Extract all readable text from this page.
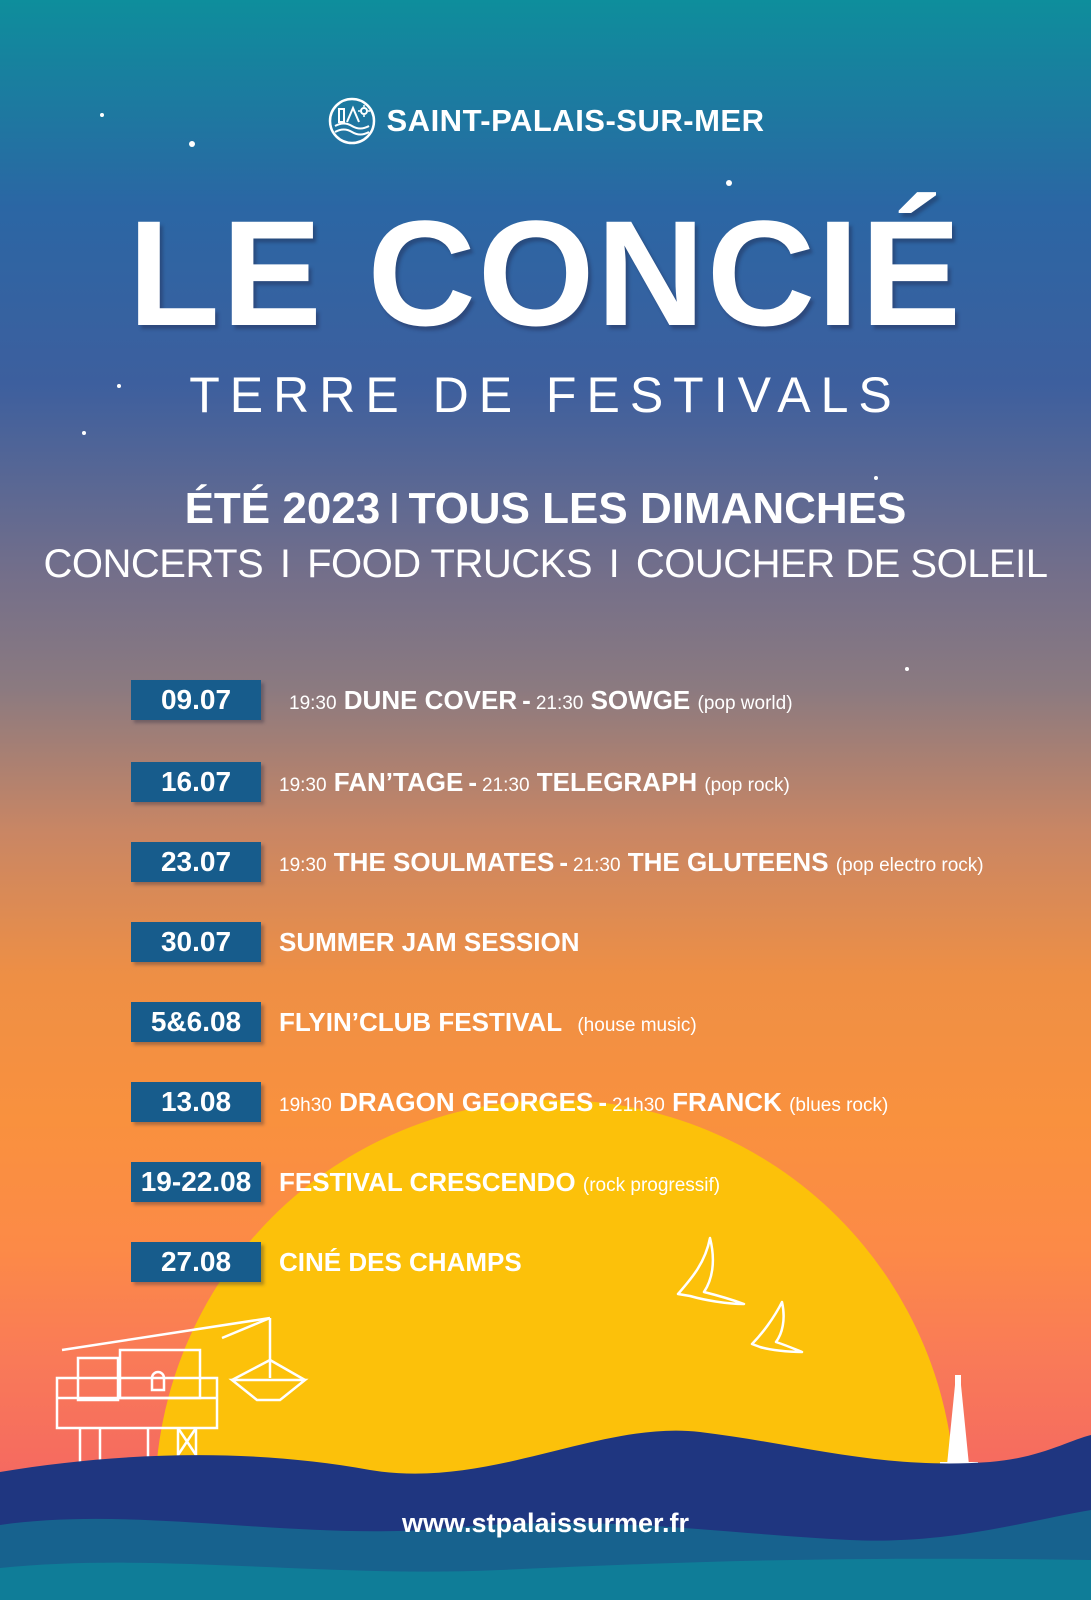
SAINT-PALAIS-SUR-MER
LE CONCIÉ
TERRE DE FESTIVALS
ÉTÉ 2023 I TOUS LES DIMANCHES
CONCERTS I FOOD TRUCKS I COUCHER DE SOLEIL
09.07	19:30 DUNE COVER - 21:30 SOWGE (pop world)
16.07	19:30 FAN’TAGE - 21:30 TELEGRAPH (pop rock)
23.07	19:30 THE SOULMATES - 21:30 THE GLUTEENS (pop electro rock)
30.07	SUMMER JAM SESSION
5&6.08	FLYIN’CLUB FESTIVAL (house music)
13.08	19h30 DRAGON GEORGES - 21h30 FRANCK (blues rock)
19-22.08	FESTIVAL CRESCENDO (rock progressif)
27.08	CINÉ DES CHAMPS
www.stpalaissurmer.fr
